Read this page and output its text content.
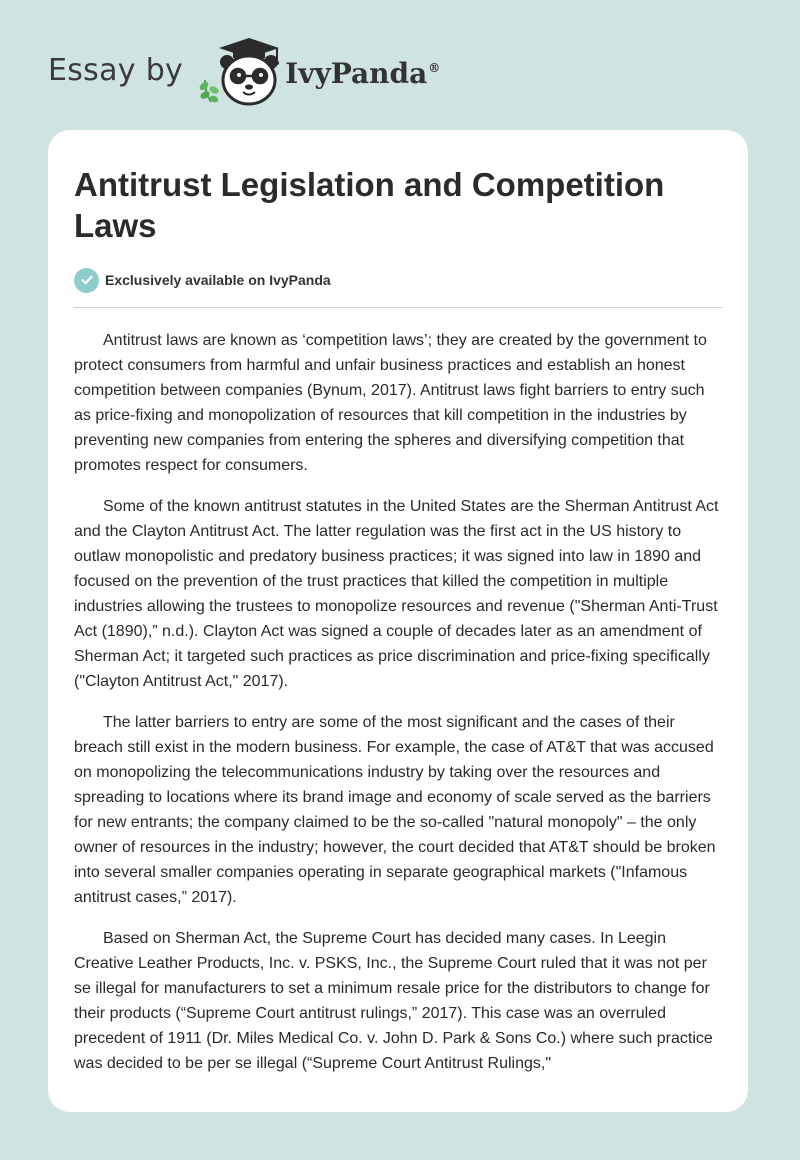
Essay by	IvyPanda®
Antitrust Legislation and Competition Laws
Exclusively available on IvyPanda

Antitrust laws are known as ‘competition laws’; they are created by the government to protect consumers from harmful and unfair business practices and establish an honest competition between companies (Bynum, 2017). Antitrust laws fight barriers to entry such as price-fixing and monopolization of resources that kill competition in the industries by preventing new companies from entering the spheres and diversifying competition that promotes respect for consumers.

Some of the known antitrust statutes in the United States are the Sherman Antitrust Act and the Clayton Antitrust Act. The latter regulation was the first act in the US history to outlaw monopolistic and predatory business practices; it was signed into law in 1890 and focused on the prevention of the trust practices that killed the competition in multiple industries allowing the trustees to monopolize resources and revenue ("Sherman Anti-Trust Act (1890),” n.d.). Clayton Act was signed a couple of decades later as an amendment of Sherman Act; it targeted such practices as price discrimination and price-fixing specifically ("Clayton Antitrust Act," 2017).

The latter barriers to entry are some of the most significant and the cases of their breach still exist in the modern business. For example, the case of AT&T that was accused on monopolizing the telecommunications industry by taking over the resources and spreading to locations where its brand image and economy of scale served as the barriers for new entrants; the company claimed to be the so-called "natural monopoly" – the only owner of resources in the industry; however, the court decided that AT&T should be broken into several smaller companies operating in separate geographical markets ("Infamous antitrust cases,” 2017).

Based on Sherman Act, the Supreme Court has decided many cases. In Leegin Creative Leather Products, Inc. v. PSKS, Inc., the Supreme Court ruled that it was not per se illegal for manufacturers to set a minimum resale price for the distributors to change for their products (“Supreme Court antitrust rulings,” 2017). This case was an overruled precedent of 1911 (Dr. Miles Medical Co. v. John D. Park & Sons Co.) where such practice was decided to be per se illegal (“Supreme Court Antitrust Rulings,"
